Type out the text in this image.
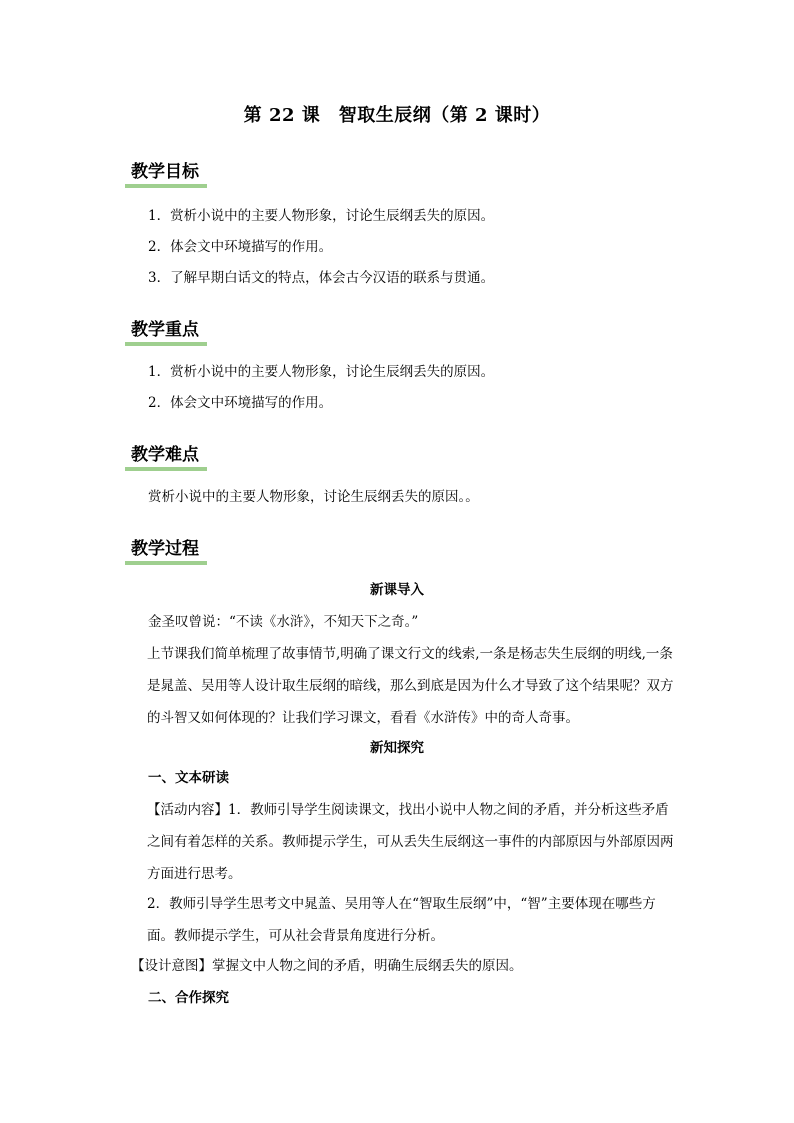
第 22 课　智取生辰纲（第 2 课时）
教学目标
1．赏析小说中的主要人物形象，讨论生辰纲丢失的原因。
2．体会文中环境描写的作用。
3．了解早期白话文的特点，体会古今汉语的联系与贯通。
教学重点
1．赏析小说中的主要人物形象，讨论生辰纲丢失的原因。
2．体会文中环境描写的作用。
教学难点
赏析小说中的主要人物形象，讨论生辰纲丢失的原因。。
教学过程
新课导入
金圣叹曾说：“不读《水浒》，不知天下之奇。”
上节课我们简单梳理了故事情节,明确了课文行文的线索,一条是杨志失生辰纲的明线,一条是晁盖、吴用等人设计取生辰纲的暗线，那么到底是因为什么才导致了这个结果呢？双方的斗智又如何体现的？让我们学习课文，看看《水浒传》中的奇人奇事。
新知探究
一、文本研读
【活动内容】1．教师引导学生阅读课文，找出小说中人物之间的矛盾，并分析这些矛盾之间有着怎样的关系。教师提示学生，可从丢失生辰纲这一事件的内部原因与外部原因两方面进行思考。
2．教师引导学生思考文中晁盖、吴用等人在“智取生辰纲”中，“智”主要体现在哪些方面。教师提示学生，可从社会背景角度进行分析。
【设计意图】掌握文中人物之间的矛盾，明确生辰纲丢失的原因。
二、合作探究
